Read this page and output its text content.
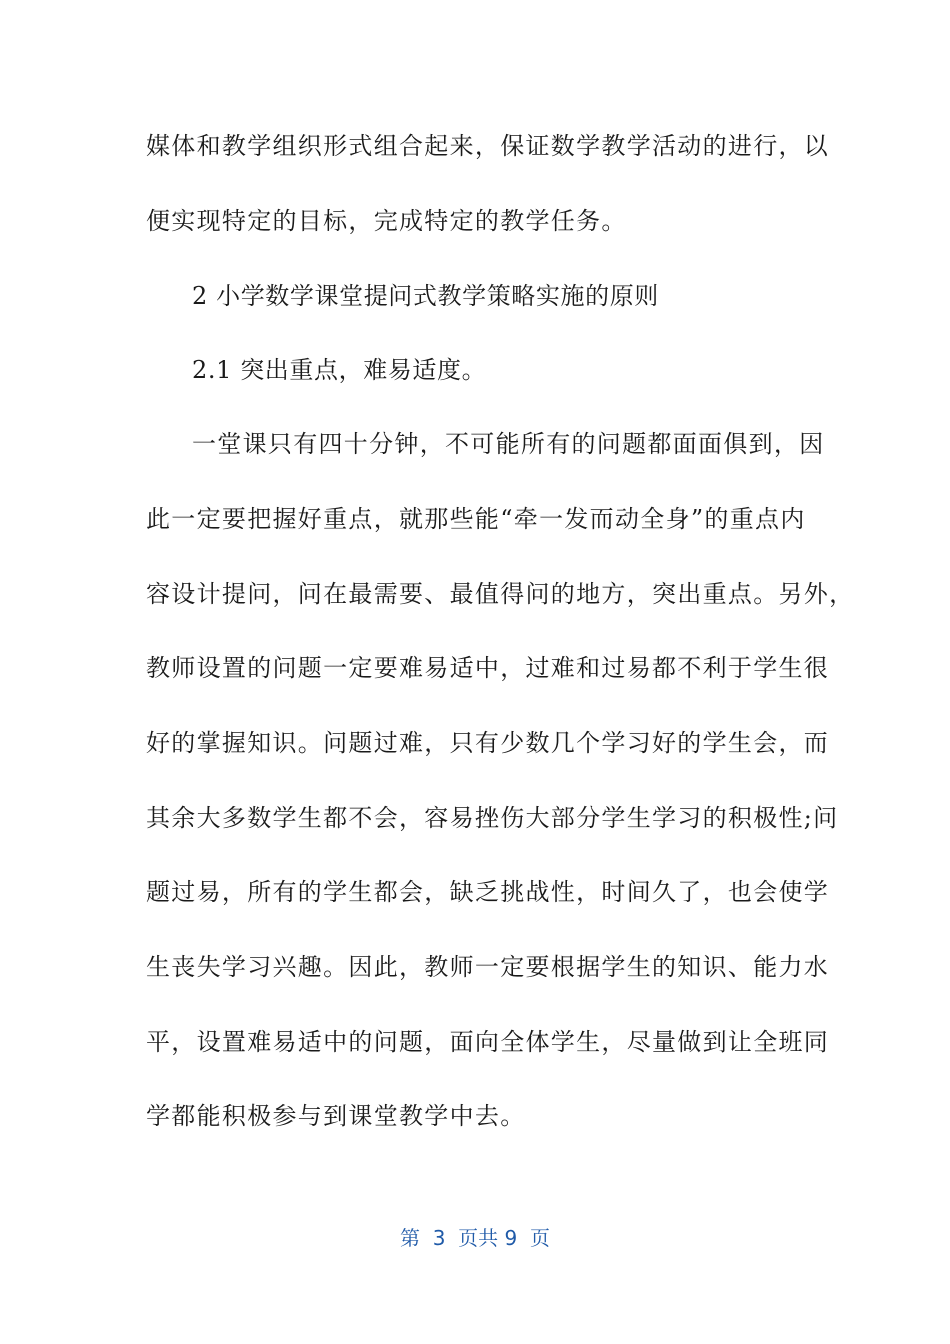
媒体和教学组织形式组合起来，保证数学教学活动的进行，以
便实现特定的目标，完成特定的教学任务。
2 小学数学课堂提问式教学策略实施的原则
2.1 突出重点，难易适度。
一堂课只有四十分钟，不可能所有的问题都面面俱到，因
此一定要把握好重点，就那些能“牵一发而动全身”的重点内
容设计提问，问在最需要、最值得问的地方，突出重点。另外，
教师设置的问题一定要难易适中，过难和过易都不利于学生很
好的掌握知识。问题过难，只有少数几个学习好的学生会，而
其余大多数学生都不会，容易挫伤大部分学生学习的积极性;问
题过易，所有的学生都会，缺乏挑战性，时间久了，也会使学
生丧失学习兴趣。因此，教师一定要根据学生的知识、能力水
平，设置难易适中的问题，面向全体学生，尽量做到让全班同
学都能积极参与到课堂教学中去。
第  3  页共 9  页
